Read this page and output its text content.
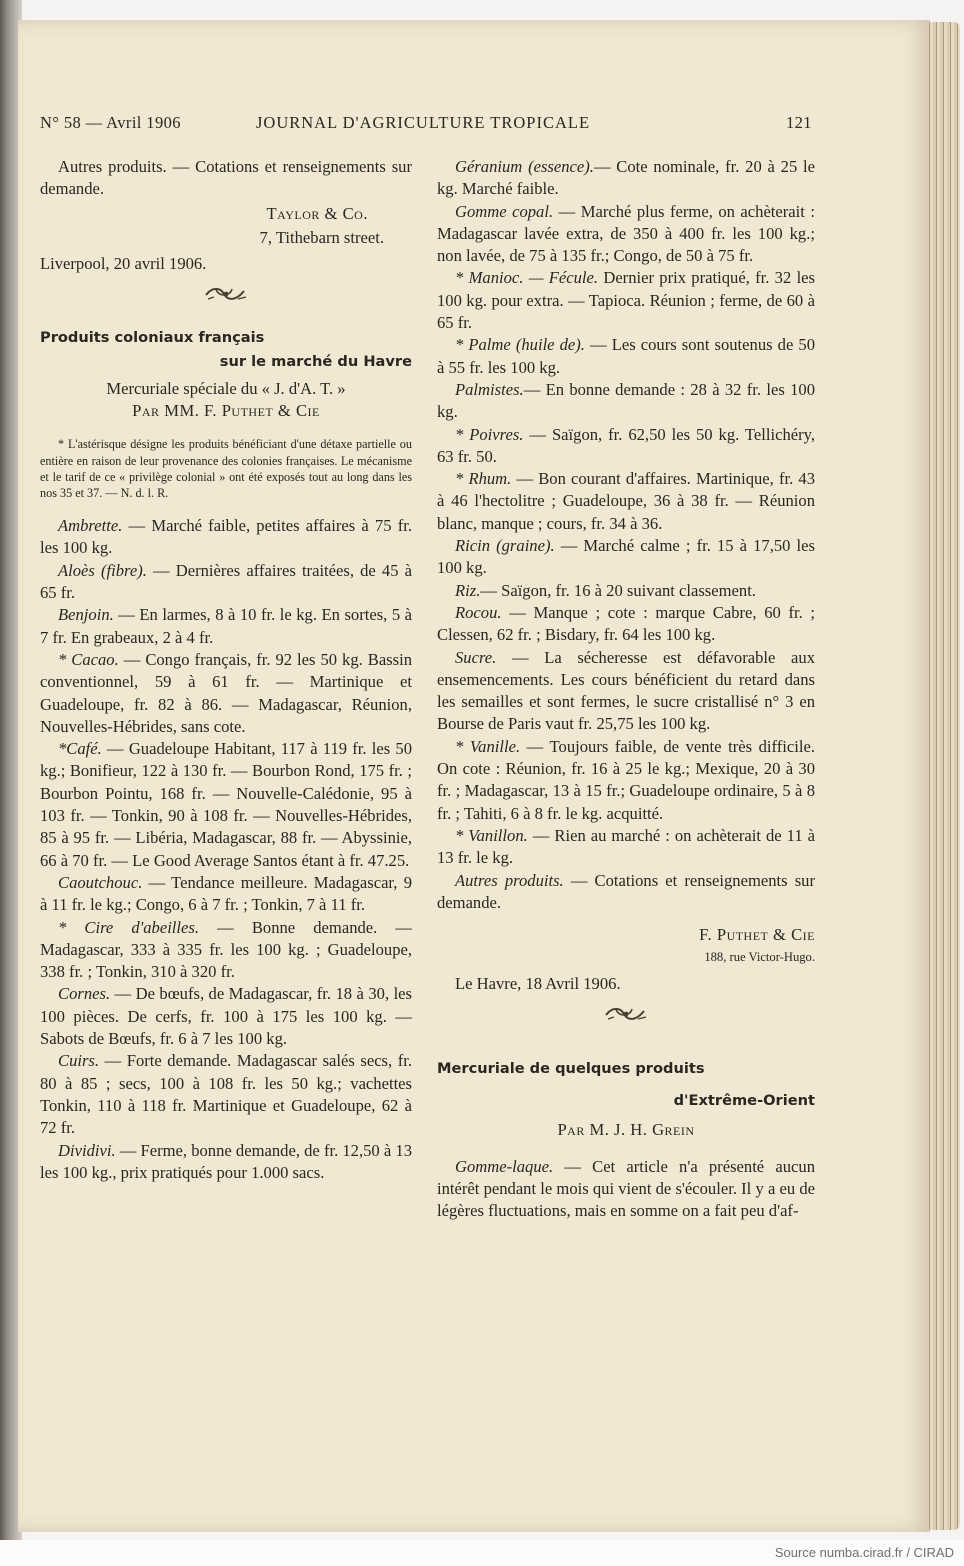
N° 58 — Avril 1906	JOURNAL D'AGRICULTURE TROPICALE	121

Autres produits. — Cotations et renseignements sur demande.

Taylor & Co.

7, Tithebarn street.

Liverpool, 20 avril 1906.

Produits coloniaux français

sur le marché du Havre

Mercuriale spéciale du « J. d'A. T. »

Par MM. F. Puthet & Cie

* L'astérisque désigne les produits bénéficiant d'une détaxe partielle ou entière en raison de leur provenance des colonies françaises. Le mécanisme et le tarif de ce « privilège colonial » ont été exposés tout au long dans les nos 35 et 37. — N. d. l. R.

Ambrette. — Marché faible, petites affaires à 75 fr. les 100 kg.

Aloès (fibre). — Dernières affaires traitées, de 45 à 65 fr.

Benjoin. — En larmes, 8 à 10 fr. le kg. En sortes, 5 à 7 fr. En grabeaux, 2 à 4 fr.

* Cacao. — Congo français, fr. 92 les 50 kg. Bassin conventionnel, 59 à 61 fr. — Martinique et Guadeloupe, fr. 82 à 86. — Madagascar, Réunion, Nouvelles-Hébrides, sans cote.

*Café. — Guadeloupe Habitant, 117 à 119 fr. les 50 kg.; Bonifieur, 122 à 130 fr. — Bourbon Rond, 175 fr. ; Bourbon Pointu, 168 fr. — Nouvelle-Calédonie, 95 à 103 fr. — Tonkin, 90 à 108 fr. — Nouvelles-Hébrides, 85 à 95 fr. — Libéria, Madagascar, 88 fr. — Abyssinie, 66 à 70 fr. — Le Good Average Santos étant à fr. 47.25.

Caoutchouc. — Tendance meilleure. Madagascar, 9 à 11 fr. le kg.; Congo, 6 à 7 fr. ; Tonkin, 7 à 11 fr.

* Cire d'abeilles. — Bonne demande. — Madagascar, 333 à 335 fr. les 100 kg. ; Guadeloupe, 338 fr. ; Tonkin, 310 à 320 fr.

Cornes. — De bœufs, de Madagascar, fr. 18 à 30, les 100 pièces. De cerfs, fr. 100 à 175 les 100 kg. — Sabots de Bœufs, fr. 6 à 7 les 100 kg.

Cuirs. — Forte demande. Madagascar salés secs, fr. 80 à 85 ; secs, 100 à 108 fr. les 50 kg.; vachettes Tonkin, 110 à 118 fr. Martinique et Guadeloupe, 62 à 72 fr.

Dividivi. — Ferme, bonne demande, de fr. 12,50 à 13 les 100 kg., prix pratiqués pour 1.000 sacs.

Géranium (essence).— Cote nominale, fr. 20 à 25 le kg. Marché faible.

Gomme copal. — Marché plus ferme, on achèterait : Madagascar lavée extra, de 350 à 400 fr. les 100 kg.; non lavée, de 75 à 135 fr.; Congo, de 50 à 75 fr.

* Manioc. — Fécule. Dernier prix pratiqué, fr. 32 les 100 kg. pour extra. — Tapioca. Réunion ; ferme, de 60 à 65 fr.

* Palme (huile de). — Les cours sont soutenus de 50 à 55 fr. les 100 kg.

Palmistes.— En bonne demande : 28 à 32 fr. les 100 kg.

* Poivres. — Saïgon, fr. 62,50 les 50 kg. Tellichéry, 63 fr. 50.

* Rhum. — Bon courant d'affaires. Martinique, fr. 43 à 46 l'hectolitre ; Guadeloupe, 36 à 38 fr. — Réunion blanc, manque ; cours, fr. 34 à 36.

Ricin (graine). — Marché calme ; fr. 15 à 17,50 les 100 kg.

Riz.— Saïgon, fr. 16 à 20 suivant classement.

Rocou. — Manque ; cote : marque Cabre, 60 fr. ; Clessen, 62 fr. ; Bisdary, fr. 64 les 100 kg.

Sucre. — La sécheresse est défavorable aux ensemencements. Les cours bénéficient du retard dans les semailles et sont fermes, le sucre cristallisé n° 3 en Bourse de Paris vaut fr. 25,75 les 100 kg.

* Vanille. — Toujours faible, de vente très difficile. On cote : Réunion, fr. 16 à 25 le kg.; Mexique, 20 à 30 fr. ; Madagascar, 13 à 15 fr.; Guadeloupe ordinaire, 5 à 8 fr. ; Tahiti, 6 à 8 fr. le kg. acquitté.

* Vanillon. — Rien au marché : on achèterait de 11 à 13 fr. le kg.

Autres produits. — Cotations et renseignements sur demande.

F. Puthet & Cie

188, rue Victor-Hugo.

Le Havre, 18 Avril 1906.

Mercuriale de quelques produits

d'Extrême-Orient

Par M. J. H. Grein

Gomme-laque. — Cet article n'a présenté aucun intérêt pendant le mois qui vient de s'écouler. Il y a eu de légères fluctuations, mais en somme on a fait peu d'af-

Source numba.cirad.fr / CIRAD
